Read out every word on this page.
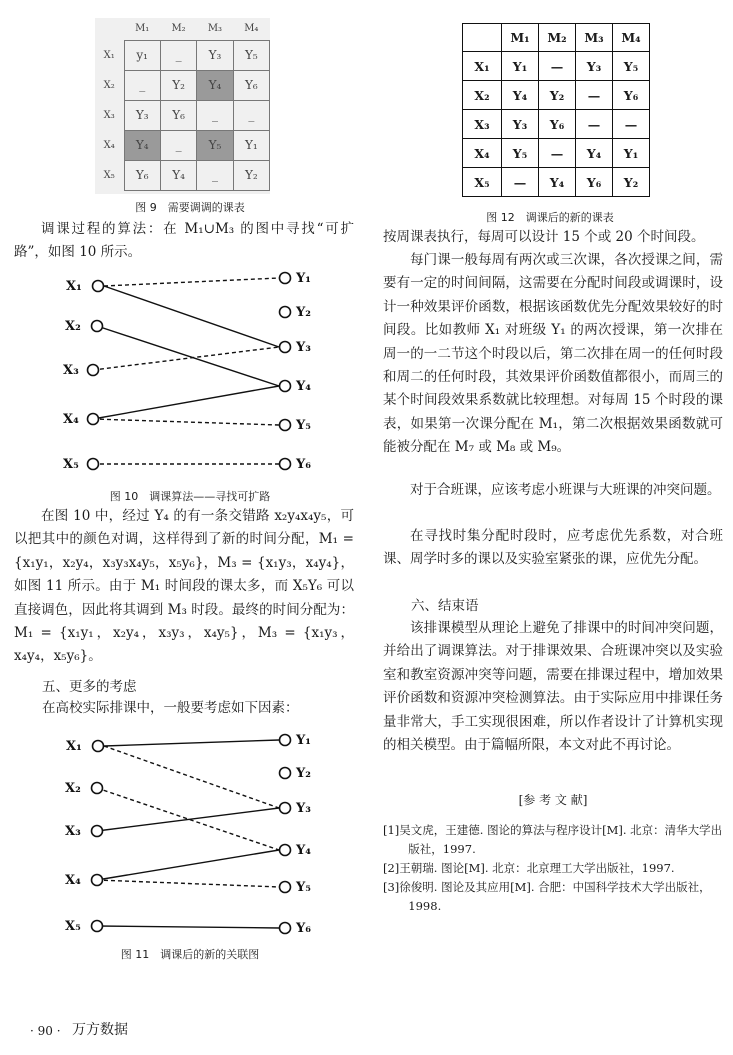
	M₁	M₂	M₃	M₄
X₁	y₁	_	Y₃	Y₅
X₂	_	Y₂	Y₄	Y₆
X₃	Y₃	Y₆	_	_
X₄	Y₄	_	Y₅	Y₁
X₅	Y₆	Y₄	_	Y₂
图 9　需要调调的课表

调课过程的算法：在 M₁∪M₃ 的图中寻找“可扩路”，如图 10 所示。

X₁
X₂
X₃
X₄
X₅
Y₁
Y₂
Y₃
Y₄
Y₅
Y₆
图 10　调课算法——寻找可扩路

在图 10 中，经过 Y₄ 的有一条交错路 x₂y₄x₄y₅，可以把其中的颜色对调，这样得到了新的时间分配，M₁ = {x₁y₁，x₂y₄，x₃y₃x₄y₅，x₅y₆}，M₃ = {x₁y₃，x₄y₄}，如图 11 所示。由于 M₁ 时间段的课太多，而 X₅Y₆ 可以直接调色，因此将其调到 M₃ 时段。最终的时间分配为：M₁ = {x₁y₁，x₂y₄，x₃y₃，x₄y₅}，M₃ = {x₁y₃，x₄y₄，x₅y₆}。

五、更多的考虑
在高校实际排课中，一般要考虑如下因素：
X₁
X₂
X₃
X₄
X₅
Y₁
Y₂
Y₃
Y₄
Y₅
Y₆
图 11　调课后的新的关联图
	M₁	M₂	M₃	M₄
X₁	Y₁	—	Y₃	Y₅
X₂	Y₄	Y₂	—	Y₆
X₃	Y₃	Y₆	—	—
X₄	Y₅	—	Y₄	Y₁
X₅	—	Y₄	Y₆	Y₂
图 12　调课后的新的课表

按周课表执行，每周可以设计 15 个或 20 个时间段。

每门课一般每周有两次或三次课，各次授课之间，需要有一定的时间间隔，这需要在分配时间段或调课时，设计一种效果评价函数，根据该函数优先分配效果较好的时间段。比如教师 X₁ 对班级 Y₁ 的两次授课，第一次排在周一的一二节这个时段以后，第二次排在周一的任何时段和周二的任何时段，其效果评价函数值都很小，而周三的某个时间段效果系数就比较理想。对每周 15 个时段的课表，如果第一次课分配在 M₁，第二次根据效果函数就可能被分配在 M₇ 或 M₈ 或 M₉。

对于合班课，应该考虑小班课与大班课的冲突问题。

在寻找时集分配时段时，应考虑优先系数，对合班课、周学时多的课以及实验室紧张的课，应优先分配。

六、结束语

该排课模型从理论上避免了排课中的时间冲突问题，并给出了调课算法。对于排课效果、合班课冲突以及实验室和教室资源冲突等问题，需要在排课过程中，增加效果评价函数和资源冲突检测算法。由于实际应用中排课任务量非常大，手工实现很困难，所以作者设计了计算机实现的相关模型。由于篇幅所限，本文对此不再讨论。

[参 考 文 献]
[1]吴文虎，王建德. 图论的算法与程序设计[M]. 北京：清华大学出版社，1997.
[2]王朝瑞. 图论[M]. 北京：北京理工大学出版社，1997.
[3]徐俊明. 图论及其应用[M]. 合肥：中国科学技术大学出版社，1998.
· 90 · 万方数据
